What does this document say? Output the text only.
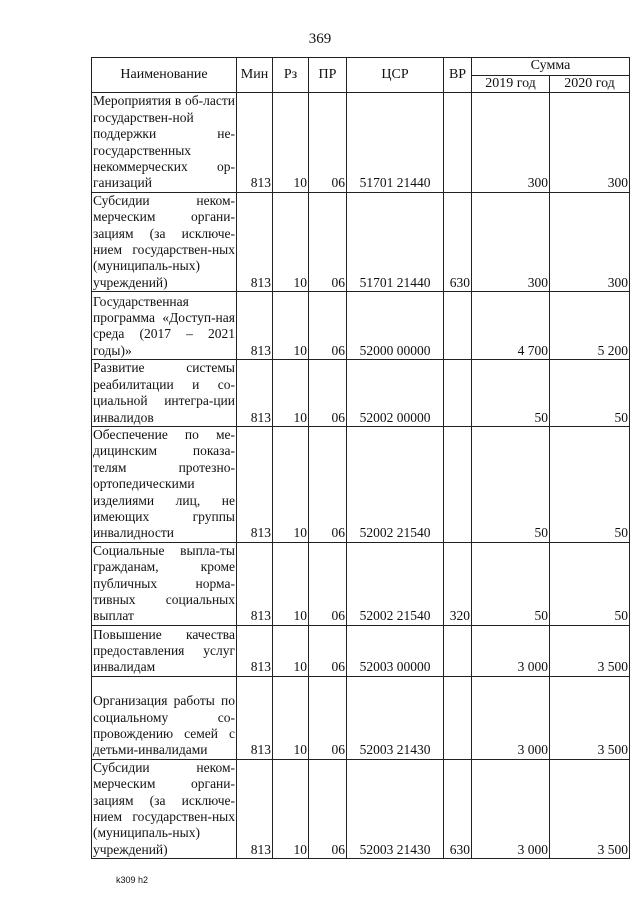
369
Наименование	Мин	Рз	ПР	ЦСР	ВР	Сумма	
						2019 год	2020 год
Мероприятия в об-ласти государствен-ной поддержки не-государственных некоммерческих ор-ганизаций	813	10	06	51701 21440		300	300
Субсидии неком-мерческим органи-зациям (за исключе-нием государствен-ных (муниципаль-ных) учреждений)	813	10	06	51701 21440	630	300	300
Государственная программа «Доступ-ная среда (2017 – 2021 годы)»	813	10	06	52000 00000		4 700	5 200
Развитие системы реабилитации и со-циальной интегра-ции инвалидов	813	10	06	52002 00000		50	50
Обеспечение по ме-дицинским показа-телям протезно-ортопедическими изделиями лиц, не имеющих группы инвалидности	813	10	06	52002 21540		50	50
Социальные выпла-ты гражданам, кроме публичных норма-тивных социальных выплат	813	10	06	52002 21540	320	50	50
Повышение качества предоставления услуг инвалидам	813	10	06	52003 00000		3 000	3 500
Организация работы по социальному со-провождению семей с детьми-инвалидами	813	10	06	52003 21430		3 000	3 500
Субсидии неком-мерческим органи-зациям (за исключе-нием государствен-ных (муниципаль-ных) учреждений)	813	10	06	52003 21430	630	3 000	3 500
k309 h2
